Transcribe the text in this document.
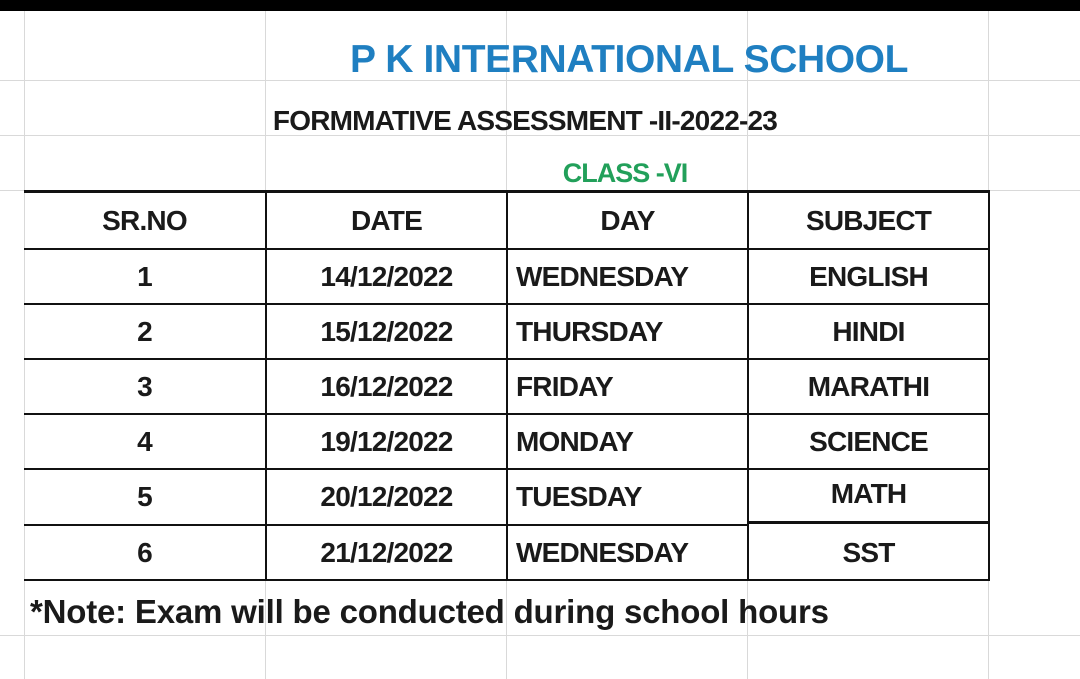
P K INTERNATIONAL SCHOOL
FORMMATIVE ASSESSMENT -II-2022-23
CLASS -VI
SR.NO	DATE	DAY	SUBJECT
1	14/12/2022	WEDNESDAY	ENGLISH
2	15/12/2022	THURSDAY	HINDI
3	16/12/2022	FRIDAY	MARATHI
4	19/12/2022	MONDAY	SCIENCE
5	20/12/2022	TUESDAY	MATH
6	21/12/2022	WEDNESDAY	SST
*Note: Exam will be conducted during school hours
